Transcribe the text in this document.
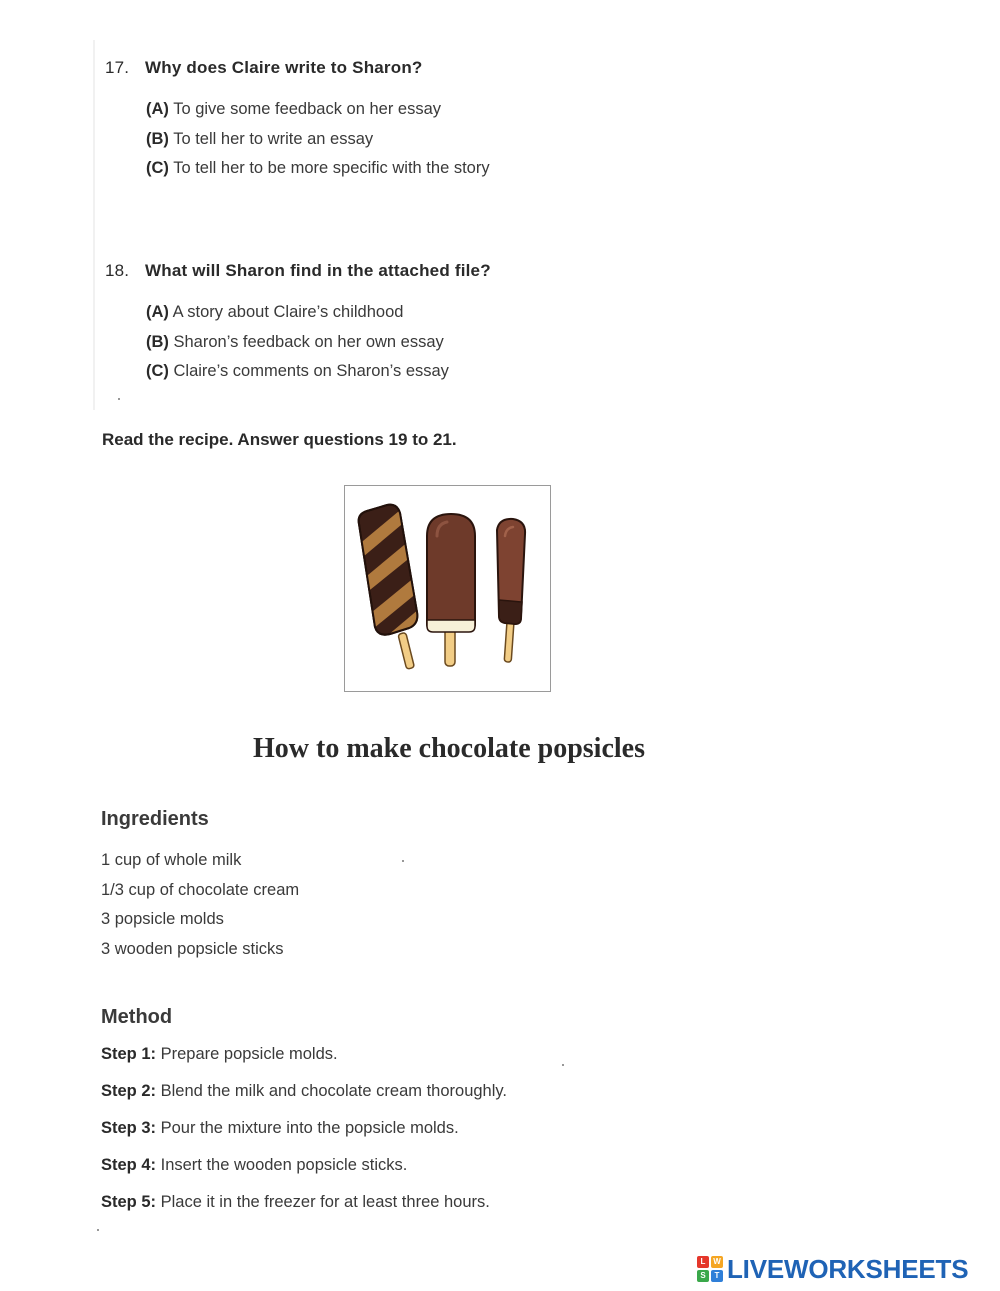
17. Why does Claire write to Sharon?
(A) To give some feedback on her essay
(B) To tell her to write an essay
(C) To tell her to be more specific with the story
18. What will Sharon find in the attached file?
(A) A story about Claire’s childhood
(B) Sharon’s feedback on her own essay
(C) Claire’s comments on Sharon’s essay
Read the recipe. Answer questions 19 to 21.
How to make chocolate popsicles
Ingredients
1 cup of whole milk
1/3 cup of chocolate cream
3 popsicle molds
3 wooden popsicle sticks
Method
Step 1: Prepare popsicle molds.
Step 2: Blend the milk and chocolate cream thoroughly.
Step 3: Pour the mixture into the popsicle molds.
Step 4: Insert the wooden popsicle sticks.
Step 5: Place it in the freezer for at least three hours.
L W
S	T LIVEWORKSHEETS
